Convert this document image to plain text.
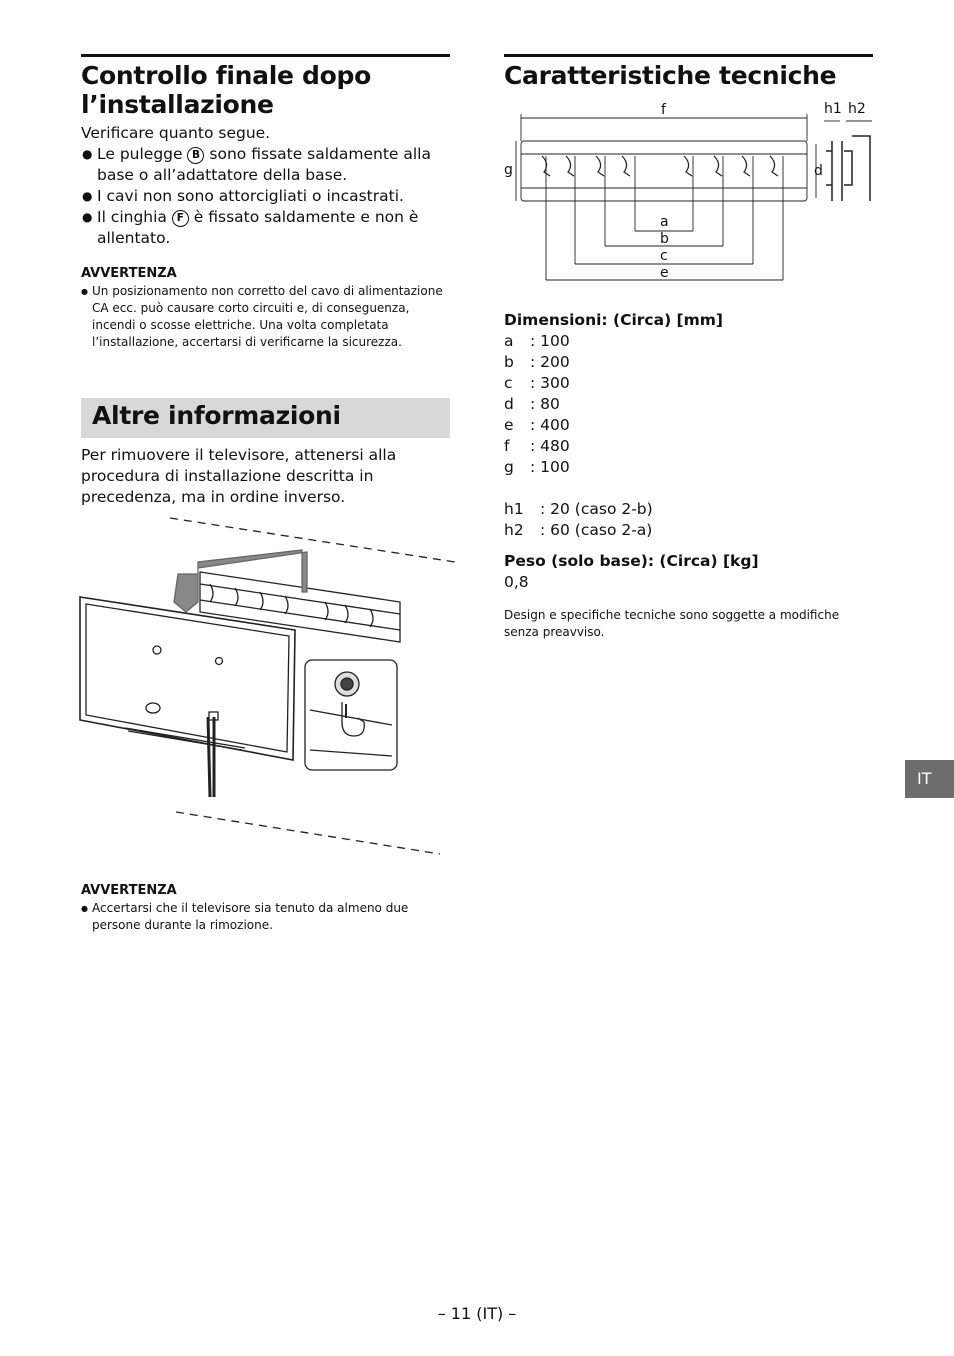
Controllo finale dopo l’installazione
Verificare quanto segue.
● Le pulegge B sono fissate saldamente alla base o all’adattatore della base.
● I cavi non sono attorcigliati o incastrati.
● Il cinghia F è fissato saldamente e non è allentato.
AVVERTENZA
● Un posizionamento non corretto del cavo di alimentazione CA ecc. può causare corto circuiti e, di conseguenza, incendi o scosse elettriche. Una volta completata l’installazione, accertarsi di verificarne la sicurezza.
Altre informazioni
Per rimuovere il televisore, attenersi alla procedura di installazione descritta in precedenza, ma in ordine inverso.
AVVERTENZA
● Accertarsi che il televisore sia tenuto da almeno due persone durante la rimozione.
Caratteristiche tecniche
f
g	d
h1 h2
a
b
c
e
Dimensioni: (Circa) [mm]
a	: 100
b	: 200
c	: 300
d	: 80
e	: 400
f	: 480
g	: 100
h1	: 20 (caso 2-b)
h2	: 60 (caso 2-a)
Peso (solo base): (Circa) [kg]
0,8
Design e specifiche tecniche sono soggette a modifiche senza preavviso.
IT
– 11 (IT) –
